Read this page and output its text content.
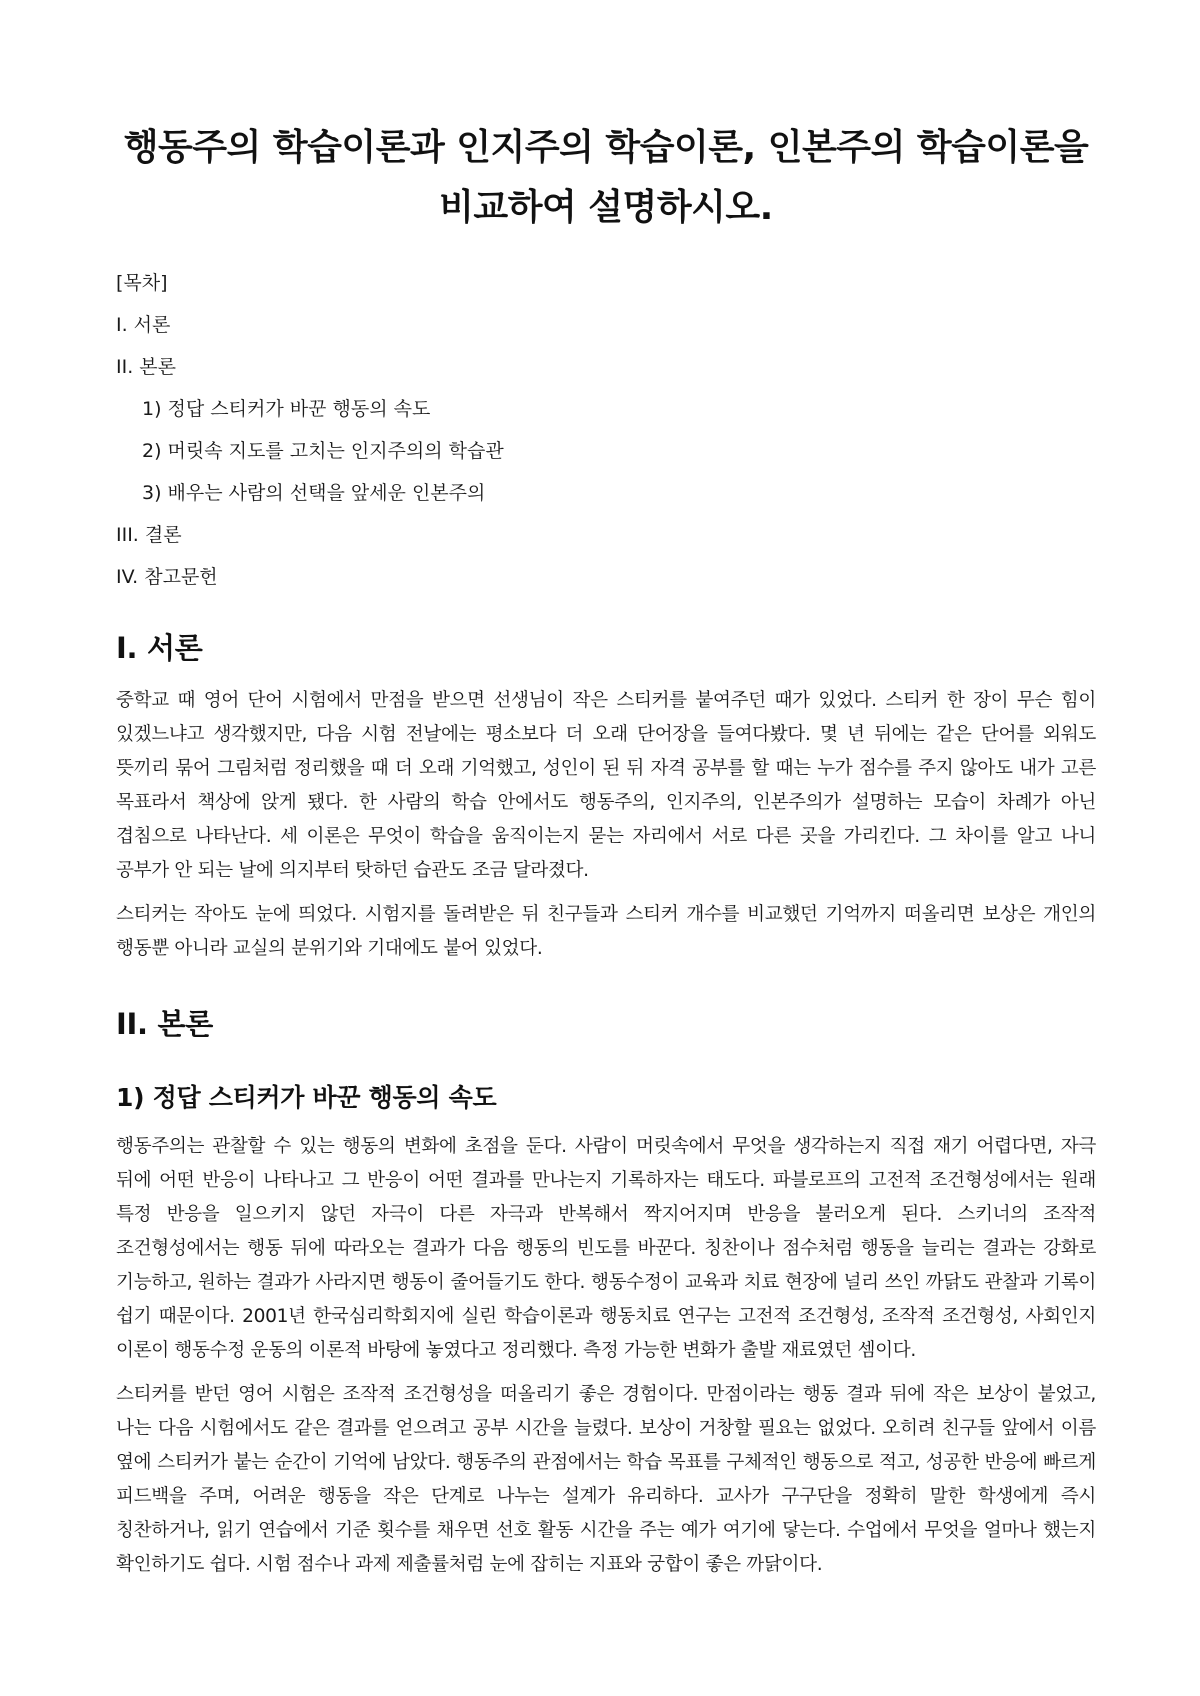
행동주의 학습이론과 인지주의 학습이론, 인본주의 학습이론을
비교하여 설명하시오.
[목차]
I. 서론
II. 본론
1) 정답 스티커가 바꾼 행동의 속도
2) 머릿속 지도를 고치는 인지주의의 학습관
3) 배우는 사람의 선택을 앞세운 인본주의
III. 결론
IV. 참고문헌
I. 서론

중학교 때 영어 단어 시험에서 만점을 받으면 선생님이 작은 스티커를 붙여주던 때가 있었다. 스티커 한 장이 무슨 힘이 있겠느냐고 생각했지만, 다음 시험 전날에는 평소보다 더 오래 단어장을 들여다봤다. 몇 년 뒤에는 같은 단어를 외워도 뜻끼리 묶어 그림처럼 정리했을 때 더 오래 기억했고, 성인이 된 뒤 자격 공부를 할 때는 누가 점수를 주지 않아도 내가 고른 목표라서 책상에 앉게 됐다. 한 사람의 학습 안에서도 행동주의, 인지주의, 인본주의가 설명하는 모습이 차례가 아닌 겹침으로 나타난다. 세 이론은 무엇이 학습을 움직이는지 묻는 자리에서 서로 다른 곳을 가리킨다. 그 차이를 알고 나니 공부가 안 되는 날에 의지부터 탓하던 습관도 조금 달라졌다.

스티커는 작아도 눈에 띄었다. 시험지를 돌려받은 뒤 친구들과 스티커 개수를 비교했던 기억까지 떠올리면 보상은 개인의 행동뿐 아니라 교실의 분위기와 기대에도 붙어 있었다.

II. 본론
1) 정답 스티커가 바꾼 행동의 속도

행동주의는 관찰할 수 있는 행동의 변화에 초점을 둔다. 사람이 머릿속에서 무엇을 생각하는지 직접 재기 어렵다면, 자극 뒤에 어떤 반응이 나타나고 그 반응이 어떤 결과를 만나는지 기록하자는 태도다. 파블로프의 고전적 조건형성에서는 원래 특정 반응을 일으키지 않던 자극이 다른 자극과 반복해서 짝지어지며 반응을 불러오게 된다. 스키너의 조작적 조건형성에서는 행동 뒤에 따라오는 결과가 다음 행동의 빈도를 바꾼다. 칭찬이나 점수처럼 행동을 늘리는 결과는 강화로 기능하고, 원하는 결과가 사라지면 행동이 줄어들기도 한다. 행동수정이 교육과 치료 현장에 널리 쓰인 까닭도 관찰과 기록이 쉽기 때문이다. 2001년 한국심리학회지에 실린 학습이론과 행동치료 연구는 고전적 조건형성, 조작적 조건형성, 사회인지 이론이 행동수정 운동의 이론적 바탕에 놓였다고 정리했다. 측정 가능한 변화가 출발 재료였던 셈이다.

스티커를 받던 영어 시험은 조작적 조건형성을 떠올리기 좋은 경험이다. 만점이라는 행동 결과 뒤에 작은 보상이 붙었고, 나는 다음 시험에서도 같은 결과를 얻으려고 공부 시간을 늘렸다. 보상이 거창할 필요는 없었다. 오히려 친구들 앞에서 이름 옆에 스티커가 붙는 순간이 기억에 남았다. 행동주의 관점에서는 학습 목표를 구체적인 행동으로 적고, 성공한 반응에 빠르게 피드백을 주며, 어려운 행동을 작은 단계로 나누는 설계가 유리하다. 교사가 구구단을 정확히 말한 학생에게 즉시 칭찬하거나, 읽기 연습에서 기준 횟수를 채우면 선호 활동 시간을 주는 예가 여기에 닿는다. 수업에서 무엇을 얼마나 했는지 확인하기도 쉽다. 시험 점수나 과제 제출률처럼 눈에 잡히는 지표와 궁합이 좋은 까닭이다.
